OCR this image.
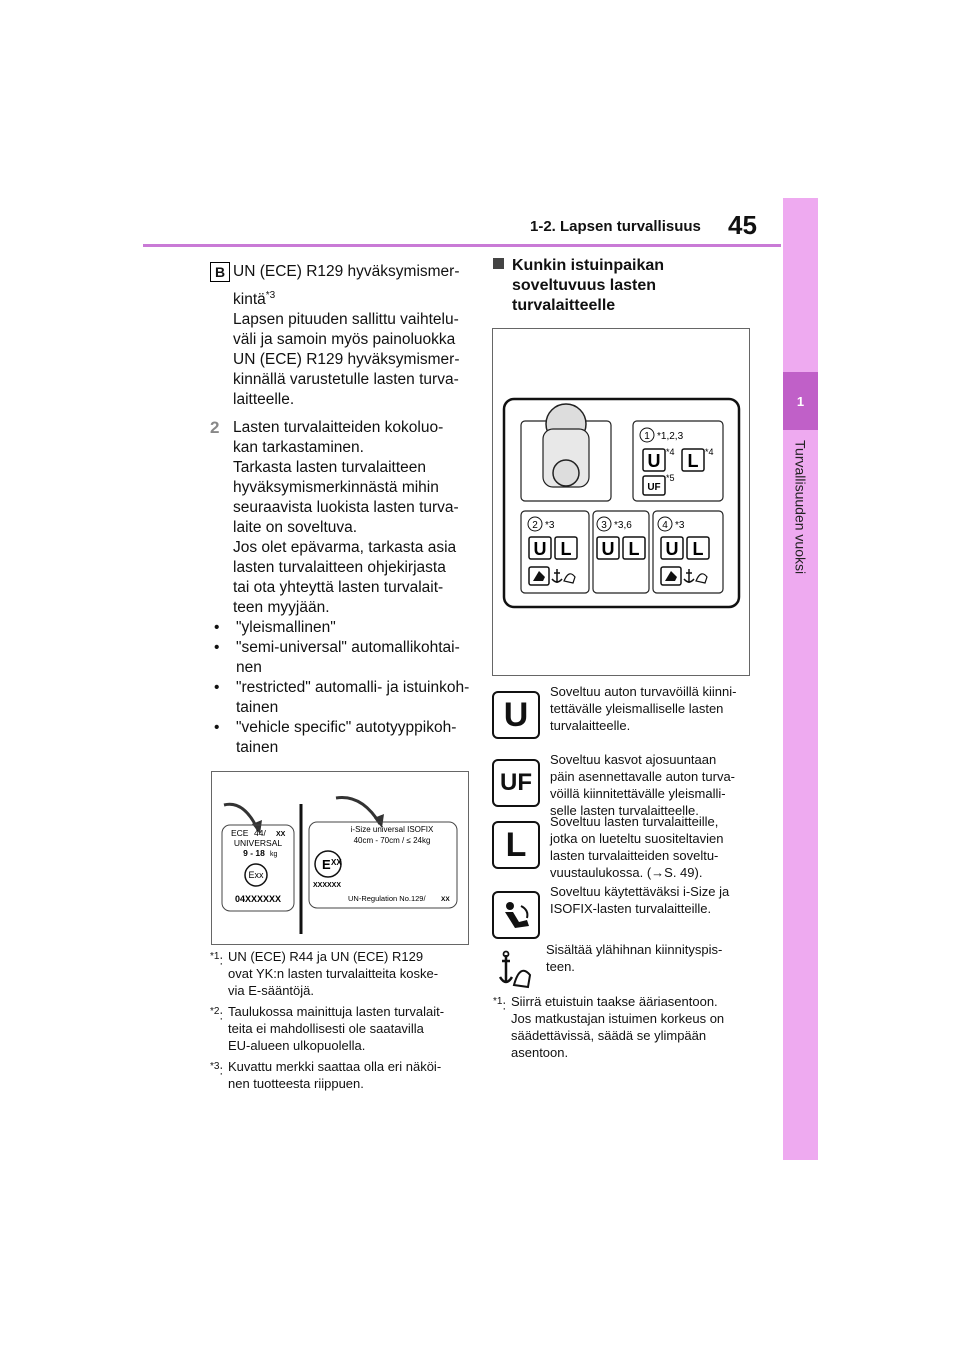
1-2. Lapsen turvallisuus 45
1
Turvallisuuden vuoksi
B UN (ECE) R129 hyväksymismer-
kintä$^{*3}$
Lapsen pituuden sallittu vaihtelu-
väli ja samoin myös painoluokka
UN (ECE) R129 hyväksymismer-
kinnällä varustetulle lasten turva-
laitteelle.
2 Lasten turvalaitteiden kokoluo-
kan tarkastaminen.
Tarkasta lasten turvalaitteen
hyväksymismerkinnästä mihin
seuraavista luokista lasten turva-
laite on soveltuva.
Jos olet epävarma, tarkasta asia
lasten turvalaitteen ohjekirjasta
tai ota yhteyttä lasten turvalait-
teen myyjään.
•	"yleismallinen"
•	"semi-universal" automallikohtai-
nen
•	"restricted" automalli- ja istuinkoh-
tainen
•	"vehicle specific" autotyyppikoh-
tainen
ECE 44/ XX
UNIVERSAL
9 - 18 kg
Exx
04XXXXXX
i-Size universal ISOFIX
40cm - 70cm / ≤ 24kg
E XX
XXXXXX
UN-Regulation No.129/ XX
$^{*1}$: UN (ECE) R44 ja UN (ECE) R129
ovat YK:n lasten turvalaitteita koske-
via E-sääntöjä.
$^{*2}$: Taulukossa mainittuja lasten turvalait-
teita ei mahdollisesti ole saatavilla
EU-alueen ulkopuolella.
$^{*3}$: Kuvattu merkki saattaa olla eri näköi-
nen tuotteesta riippuen.
Kunkin istuinpaikan
soveltuvuus lasten
turvalaitteelle
1 *1,2,3
U *4 L *4
UF
*5
2 *3
U L
3 *3,6
U L
4 *3
U L
U
Soveltuu auton turvavöillä kiinni-
tettävälle yleismalliselle lasten
turvalaitteelle.
UF
Soveltuu kasvot ajosuuntaan
päin asennettavalle auton turva-
vöillä kiinnitettävälle yleismalli-
selle lasten turvalaitteelle.
L
Soveltuu lasten turvalaitteille,
jotka on lueteltu suositeltavien
lasten turvalaitteiden soveltu-
vuustaulukossa. (→S. 49).
Soveltuu käytettäväksi i-Size ja
ISOFIX-lasten turvalaitteille.
Sisältää ylähihnan kiinnityspis-
teen.
$^{*1}$: Siirrä etuistuin taakse ääriasentoon.
Jos matkustajan istuimen korkeus on
säädettävissä, säädä se ylimpään
asentoon.
